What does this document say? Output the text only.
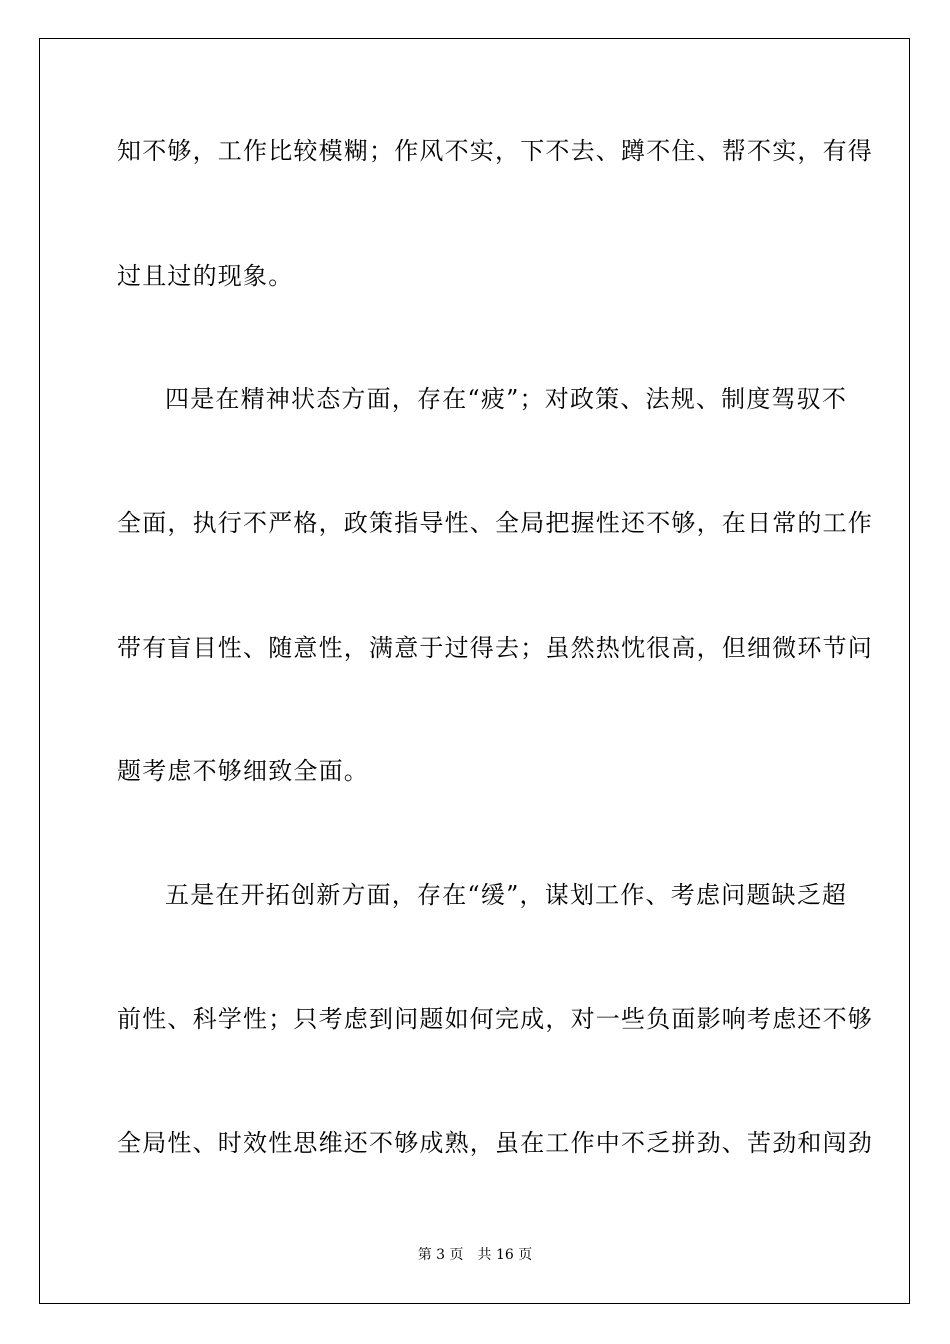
知不够，工作比较模糊；作风不实，下不去、蹲不住、帮不实，有得
过且过的现象。
四是在精神状态方面，存在“疲”；对政策、法规、制度驾驭不
全面，执行不严格，政策指导性、全局把握性还不够，在日常的工作
带有盲目性、随意性，满意于过得去；虽然热忱很高，但细微环节问
题考虑不够细致全面。
五是在开拓创新方面，存在“缓”，谋划工作、考虑问题缺乏超
前性、科学性；只考虑到问题如何完成，对一些负面影响考虑还不够
全局性、时效性思维还不够成熟，虽在工作中不乏拼劲、苦劲和闯劲
第 3 页 共 16 页
